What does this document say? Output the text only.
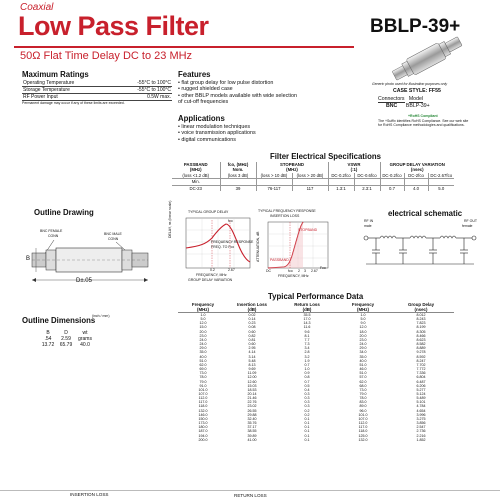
Coaxial
Low Pass Filter	BBLP-39+
50Ω Flat Time Delay DC to 23 MHz
Maximum Ratings
Operating Temperature	-55°C to 100°C
Storage Temperature	-55°C to 100°C
RF Power Input	0.5W max.
Permanent damage may occur if any of these limits are exceeded.
Features
• flat group delay for low pulse distortion
• rugged shielded case
• other BBLP models available with wide selection
of cut-off frequencies
Applications
• linear modulation techniques
• voice transmission applications
• digital communications
Generic photo used for illustration purposes only
CASE STYLE: FF55
Connectors Model
BNC BBLP-39+
+RoHS Compliant
The +Suffix identifies RoHS Compliance. See our web site
for RoHS Compliance methodologies and qualifications.
Filter Electrical Specifications
PASSBAND	fco, (MHz)	STOPBAND		VSWR		GROUP DELAY VARIATION		
(MHz)	Nom.	(MHz)		(:1)		(nsec)		
(loss <1.2 dB)	(loss 3 dB)	(loss > 10 dB)	(loss > 20 dB)	DC-0.2fco	DC-0.6fco	DC-0.2fco	DC-2fco	DC-2.67fco
Min.								
DC-23	39	76-117	117	1.3:1	2.3:1	0.7	4.0	5.0
Outline Drawing
BNC FEMALE
CONN	BNC MALE
CONN
B
D±.05
Outline Dimensions
(inch / mm)
B	D	wt
.54	2.59	grams
13.72	65.79	40.0
TYPICAL GROUP DELAY
FREQUENCY RESPONSE
FREQ. TO Fco
fco
0.2	2.67
FREQUENCY, MHz
DELAY, ns (linear scale)
GROUP DELAY VARIATION
TYPICAL FREQUENCY RESPONSE
INSERTION LOSS
Fco
DC	fco 2 3 2.67
FREQUENCY, MHz
ATTENUATION, dB
STOPBAND
PASSBAND
electrical schematic
RF IN
male
RF OUT
female
Typical Performance Data
Frequency	Insertion Loss	Return Loss	Frequency	Group Delay
(MHz)	(dB)	(dB)	(MHz)	(nsec)
1.0	0.02	35.5	1.0	8.012
5.0	0.14	17.0	5.0	8.243
12.0	0.23	14.3	9.0	7.823
15.0	0.08	11.6	12.0	8.199
20.0	0.60	9.6	18.0	8.305
23.0	0.82	8.1	20.0	8.466
24.0	0.81	7.7	23.0	8.623
24.0	0.60	7.3	24.0	8.582
29.0	2.95	3.4	29.0	8.889
35.0	4.14	2.8	34.0	9.278
40.0	3.14	3.2	35.0	8.592
51.0	5.48	1.9	40.0	8.247
62.0	8.13	0.7	51.0	7.702
69.0	9.69	1.0	46.0	7.772
73.0	11.09	0.9	51.0	7.336
78.0	12.00	0.8	57.0	6.804
79.0	12.60	0.7	62.0	6.487
91.0	15.03	0.5	68.0	6.206
101.0	18.53	0.4	73.0	5.277
107.0	20.14	0.3	79.0	5.124
112.0	21.46	0.3	78.0	5.489
117.0	22.76	0.3	83.0	5.101
118.0	23.02	0.3	89.0	4.784
132.0	26.55	0.2	96.0	4.654
146.0	29.88	0.2	101.0	3.996
150.0	32.40	0.1	107.0	3.275
173.0	35.76	0.1	112.0	3.856
180.0	37.17	0.1	117.0	2.547
187.0	38.55	0.1	118.0	2.736
194.0	39.89	0.1	125.0	2.216
200.0	41.00	0.1	132.0	1.852
INSERTION LOSS	RETURN LOSS
